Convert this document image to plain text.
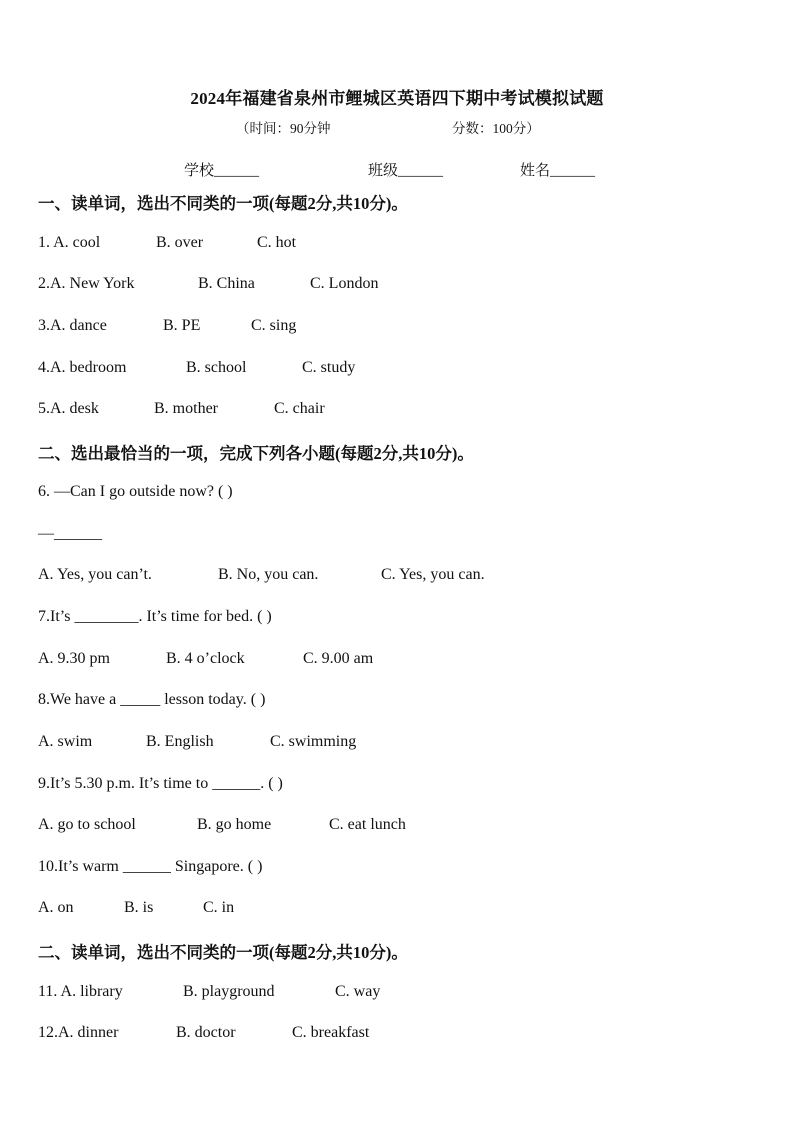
2024年福建省泉州市鲤城区英语四下期中考试模拟试题
（时间：90分钟	分数：100分）
学校______	班级______	姓名______
一、读单词，选出不同类的一项(每题2分,共10分)。
1. A. cool	B. over	C. hot
2.A. New York	B. China	C. London
3.A. dance	B. PE	C. sing
4.A. bedroom	B. school	C. study
5.A. desk	B. mother	C. chair
二、选出最恰当的一项，完成下列各小题(每题2分,共10分)。
6. —Can I go outside now? ( )
—______
A. Yes, you can’t.	B. No, you can.	C. Yes, you can.
7.It’s ________. It’s time for bed. ( )
A. 9.30 pm	B. 4 o’clock	C. 9.00 am
8.We have a _____ lesson today. ( )
A. swim	B. English	C. swimming
9.It’s 5.30 p.m. It’s time to ______. ( )
A. go to school	B. go home	C. eat lunch
10.It’s warm ______ Singapore. ( )
A. on	B. is	C. in
二、读单词，选出不同类的一项(每题2分,共10分)。
11. A. library	B. playground	C. way
12.A. dinner	B. doctor	C. breakfast
